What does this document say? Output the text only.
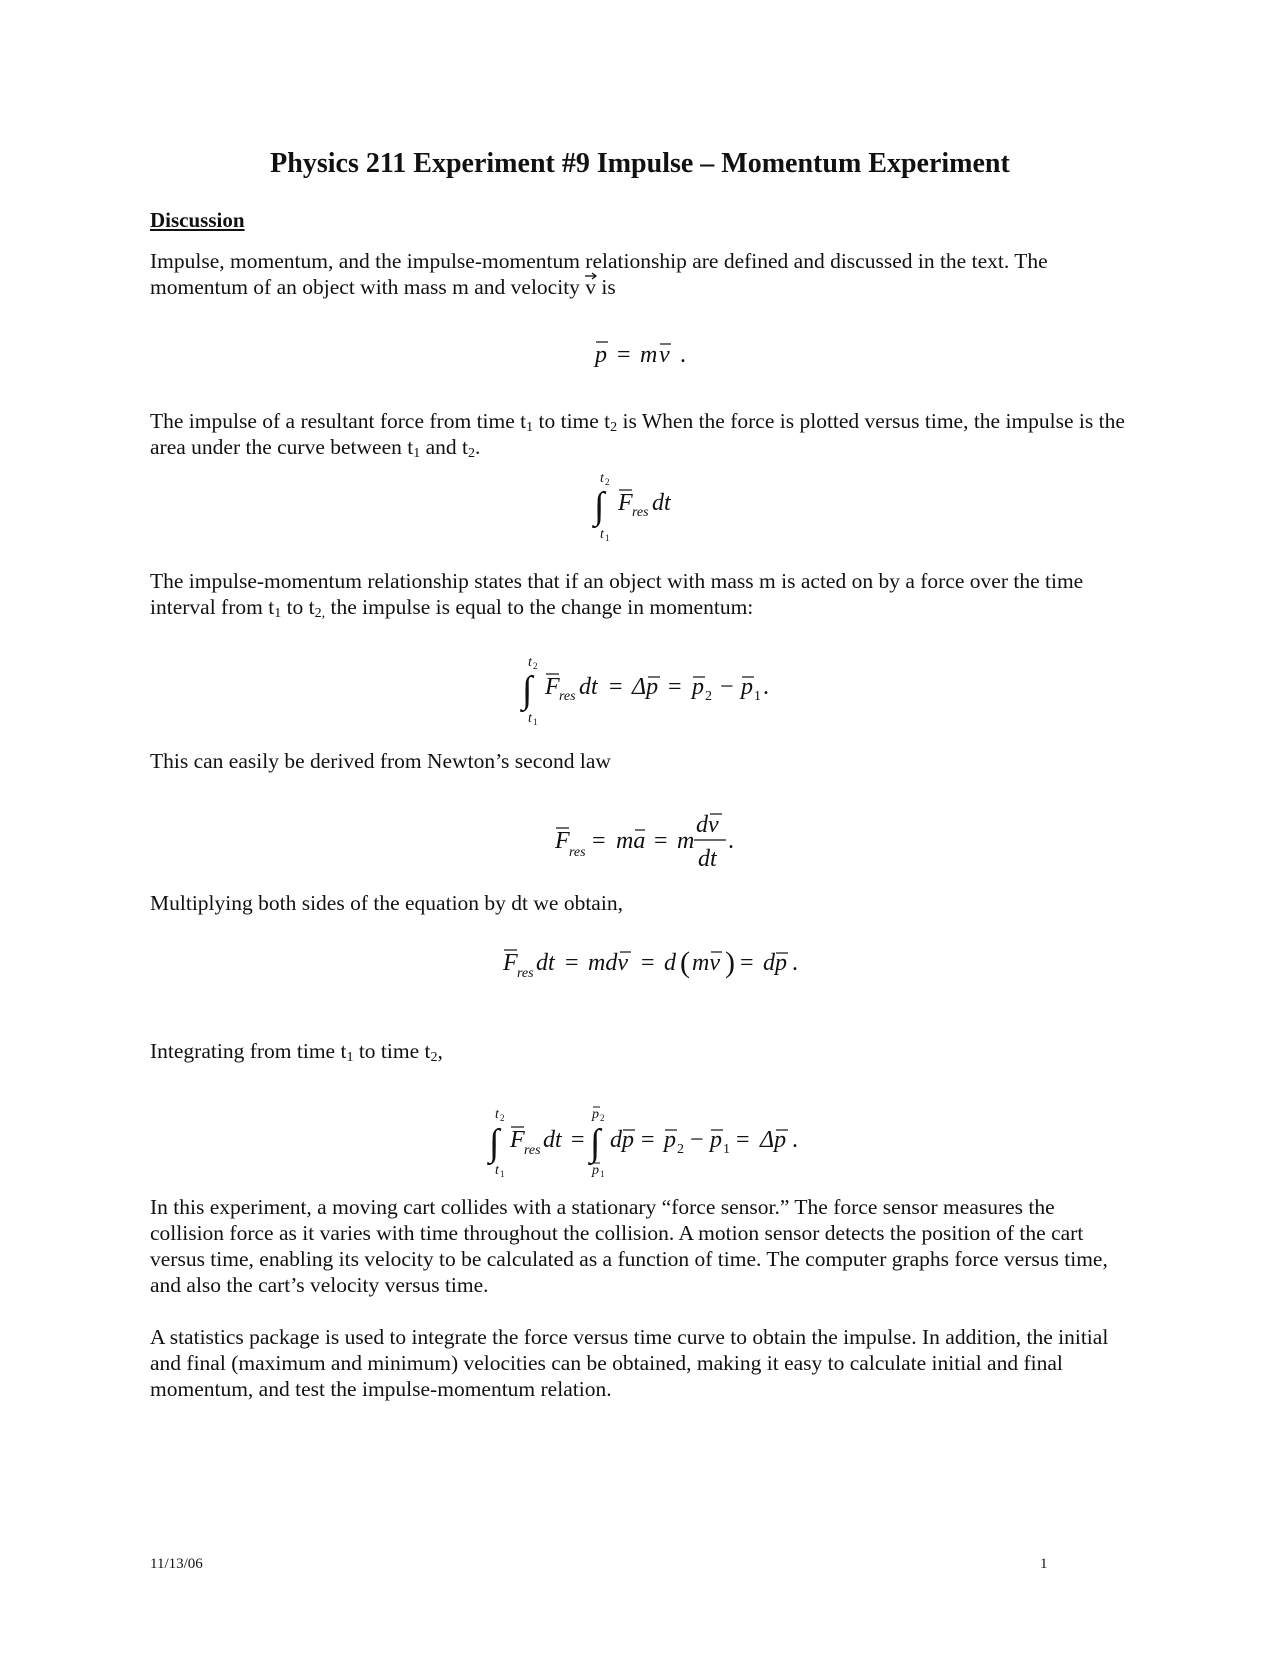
Physics 211 Experiment #9 Impulse – Momentum Experiment
Discussion

Impulse, momentum, and the impulse-momentum relationship are defined and discussed in the text. The momentum of an object with mass m and velocity v is

p = m v .
t 2
∫
t 1
F res dt
t 2
∫
t 1
F res dt = Δp = p 2 − p 1 .
F res = ma = m
dv
dt
.
F res dt = mdv = d ( mv ) = dp .
t 2
∫
t 1
F res dt =
p 2
∫
p 1
dp = p 2 − p 1 = Δp .

The impulse of a resultant force from time $t_1$ to time $t_2$ is When the force is plotted versus time, the impulse is the area under the curve between $t_1$ and $t_2$.

The impulse-momentum relationship states that if an object with mass m is acted on by a force over the time interval from $t_1$ to $t_{2,}$ the impulse is equal to the change in momentum:

This can easily be derived from Newton’s second law

Multiplying both sides of the equation by dt we obtain,

Integrating from time $t_1$ to time $t_2$,

In this experiment, a moving cart collides with a stationary “force sensor.” The force sensor measures the collision force as it varies with time throughout the collision. A motion sensor detects the position of the cart versus time, enabling its velocity to be calculated as a function of time. The computer graphs force versus time, and also the cart’s velocity versus time.

A statistics package is used to integrate the force versus time curve to obtain the impulse. In addition, the initial and final (maximum and minimum) velocities can be obtained, making it easy to calculate initial and final momentum, and test the impulse-momentum relation.

11/13/06	1
